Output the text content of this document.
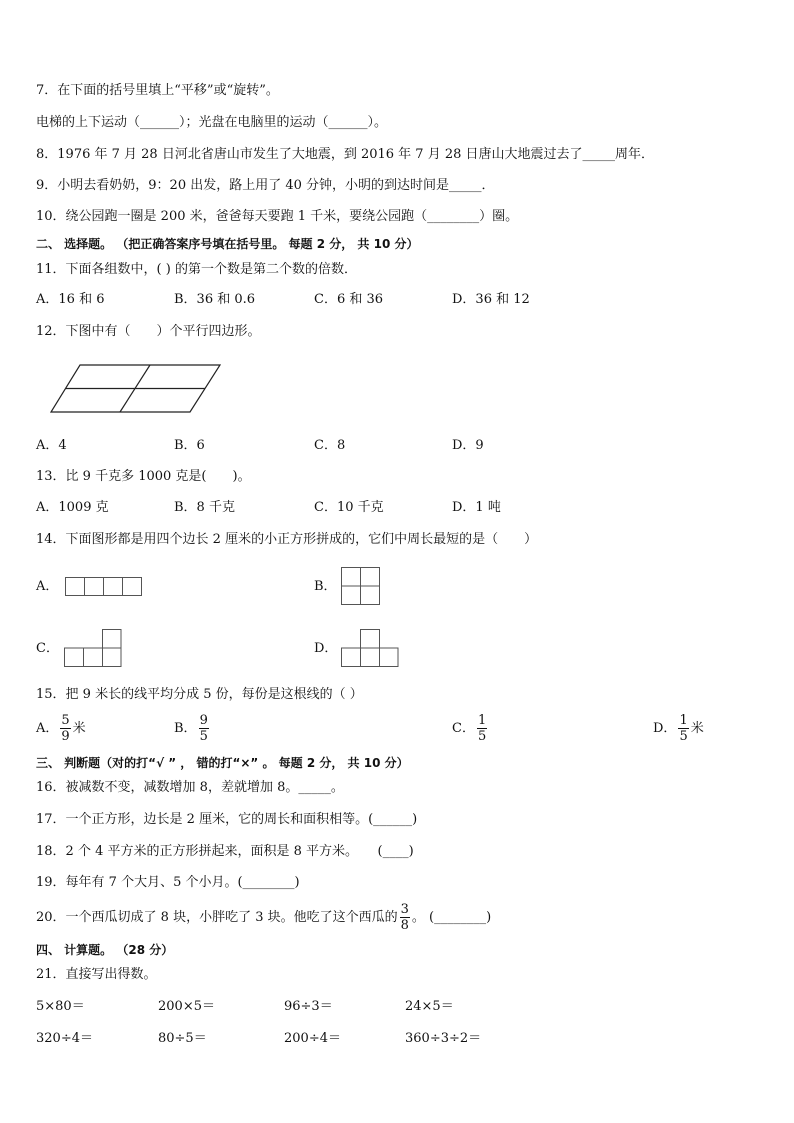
7．在下面的括号里填上“平移”或“旋转”。
电梯的上下运动（______）；光盘在电脑里的运动（______）。
8．1976 年 7 月 28 日河北省唐山市发生了大地震，到 2016 年 7 月 28 日唐山大地震过去了_____周年．
9．小明去看奶奶，9：20 出发，路上用了 40 分钟，小明的到达时间是_____．
10．绕公园跑一圈是 200 米，爸爸每天要跑 1 千米，要绕公园跑（________）圈。
二、 选择题。 （把正确答案序号填在括号里。 每题 2 分， 共 10 分）
11．下面各组数中，( ) 的第一个数是第二个数的倍数．
A．16 和 6	B．36 和 0.6	C．6 和 36	D．36 和 12
12．下图中有（　　）个平行四边形。
A．4	B．6	C．8	D．9
13．比 9 千克多 1000 克是(　　)。
A．1009 克	B．8 千克	C．10 千克	D．1 吨
14．下面图形都是用四个边长 2 厘米的小正方形拼成的，它们中周长最短的是（　　）
A．	B．
C．	D．
15．把 9 米长的线平均分成 5 份，每份是这根线的（ ）
A． $\frac{5}{9}$ 米	B． $\frac{9}{5}$	C． $\frac{1}{5}$	D． $\frac{1}{5}$ 米
三、 判断题（对的打“√ ” ， 错的打“×” 。 每题 2 分， 共 10 分）
16．被减数不变，减数增加 8，差就增加 8。_____。
17．一个正方形，边长是 2 厘米，它的周长和面积相等。(______)
18．2 个 4 平方米的正方形拼起来，面积是 8 平方米。　　(____)
19．每年有 7 个大月、5 个小月。(________)
20．一个西瓜切成了 8 块，小胖吃了 3 块。他吃了这个西瓜的 $\frac{3}{8}$ 。 (________)
四、 计算题。 （28 分）
21．直接写出得数。
5×80＝	200×5＝	96÷3＝	24×5＝
320÷4＝	80÷5＝	200÷4＝	360÷3÷2＝
